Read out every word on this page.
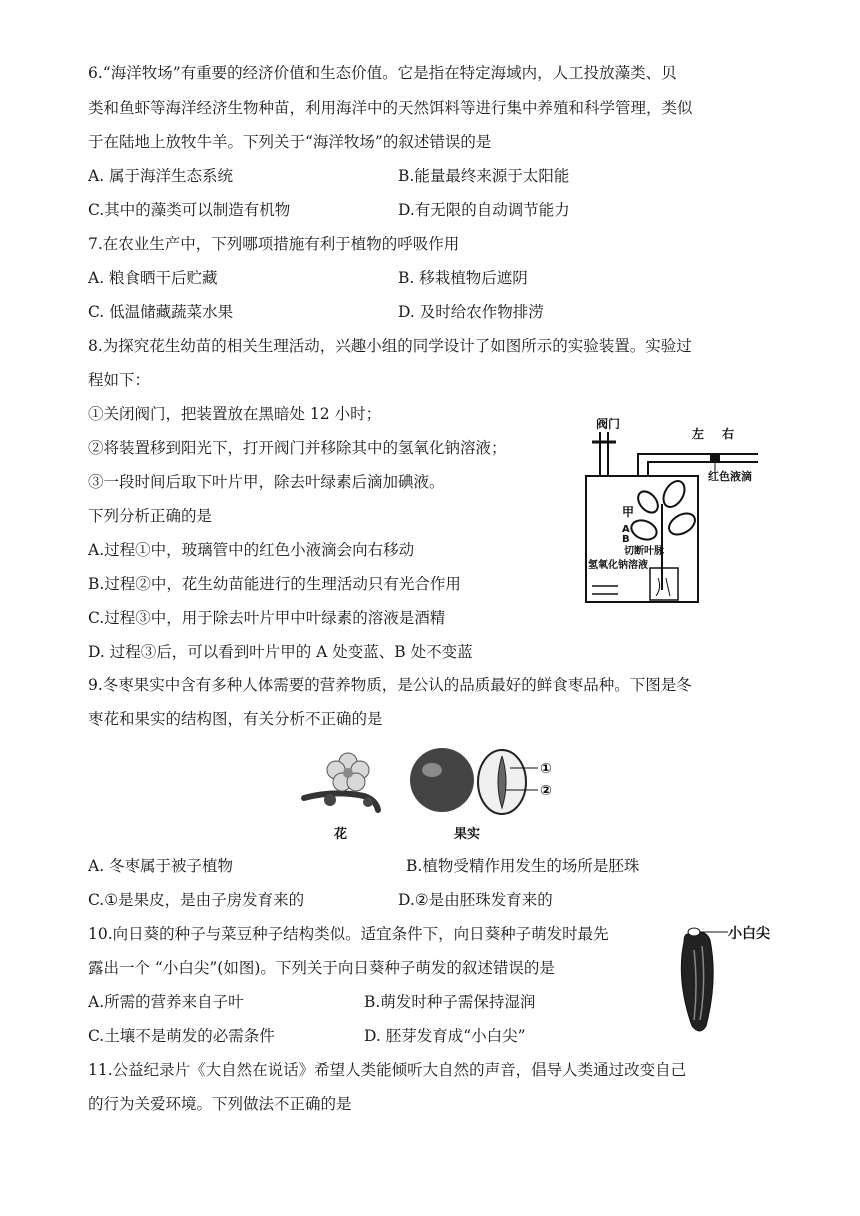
6.“海洋牧场”有重要的经济价值和生态价值。它是指在特定海域内，人工投放藻类、贝
类和鱼虾等海洋经济生物种苗，利用海洋中的天然饵料等进行集中养殖和科学管理，类似
于在陆地上放牧牛羊。下列关于“海洋牧场”的叙述错误的是
A. 属于海洋生态系统	B.能量最终来源于太阳能
C.其中的藻类可以制造有机物	D.有无限的自动调节能力
7.在农业生产中，下列哪项措施有利于植物的呼吸作用
A. 粮食晒干后贮藏	B. 移栽植物后遮阴
C. 低温储藏蔬菜水果	D. 及时给农作物排涝
8.为探究花生幼苗的相关生理活动，兴趣小组的同学设计了如图所示的实验装置。实验过
程如下：
①关闭阀门，把装置放在黑暗处 12 小时；
②将装置移到阳光下，打开阀门并移除其中的氢氧化钠溶液；
③一段时间后取下叶片甲，除去叶绿素后滴加碘液。
下列分析正确的是
A.过程①中，玻璃管中的红色小液滴会向右移动
B.过程②中，花生幼苗能进行的生理活动只有光合作用
C.过程③中，用于除去叶片甲中叶绿素的溶液是酒精
D. 过程③后，可以看到叶片甲的 A 处变蓝、B 处不变蓝
阀门
左 右
红色液滴
甲
A
B
切断叶脉
氢氧化钠溶液
9.冬枣果实中含有多种人体需要的营养物质，是公认的品质最好的鲜食枣品种。下图是冬
枣花和果实的结构图，有关分析不正确的是
①
②
花	果实
A. 冬枣属于被子植物	B.植物受精作用发生的场所是胚珠
C.①是果皮，是由子房发育来的	D.②是由胚珠发育来的
10.向日葵的种子与菜豆种子结构类似。适宜条件下，向日葵种子萌发时最先
露出一个 “小白尖”(如图)。下列关于向日葵种子萌发的叙述错误的是
A.所需的营养来自子叶	B.萌发时种子需保持湿润
C.土壤不是萌发的必需条件	D. 胚芽发育成“小白尖”
小白尖
11.公益纪录片《大自然在说话》希望人类能倾听大自然的声音，倡导人类通过改变自己
的行为关爱环境。下列做法不正确的是
